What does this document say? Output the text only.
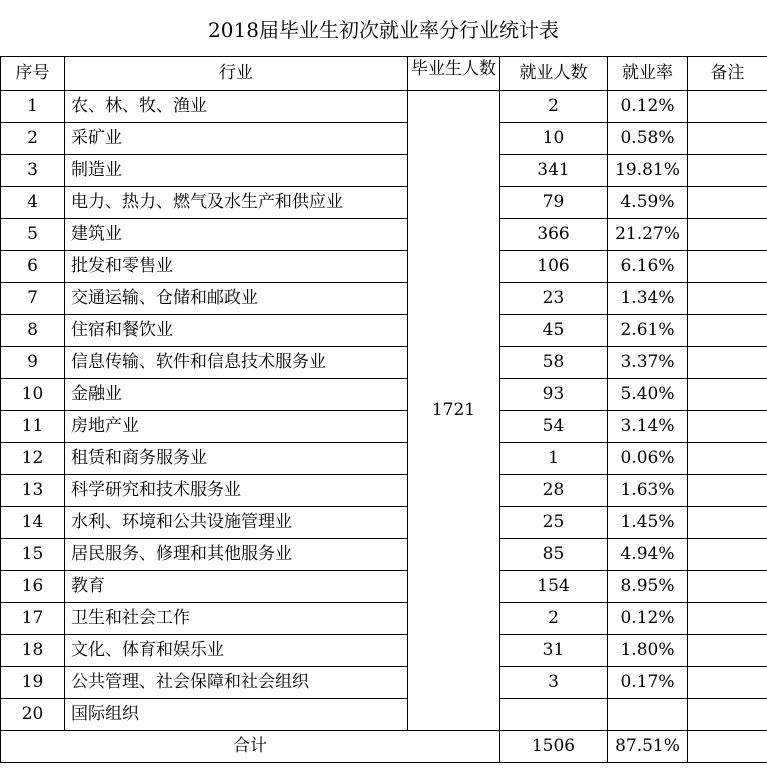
2018届毕业生初次就业率分行业统计表
序号	行业	毕业生人数	就业人数	就业率	备注
1	农、林、牧、渔业	1721	2	0.12%	
2	采矿业		10	0.58%	
3	制造业		341	19.81%	
4	电力、热力、燃气及水生产和供应业		79	4.59%	
5	建筑业		366	21.27%	
6	批发和零售业		106	6.16%	
7	交通运输、仓储和邮政业		23	1.34%	
8	住宿和餐饮业		45	2.61%	
9	信息传输、软件和信息技术服务业		58	3.37%	
10	金融业		93	5.40%	
11	房地产业		54	3.14%	
12	租赁和商务服务业		1	0.06%	
13	科学研究和技术服务业		28	1.63%	
14	水利、环境和公共设施管理业		25	1.45%	
15	居民服务、修理和其他服务业		85	4.94%	
16	教育		154	8.95%	
17	卫生和社会工作		2	0.12%	
18	文化、体育和娱乐业		31	1.80%	
19	公共管理、社会保障和社会组织		3	0.17%	
20	国际组织				
合计			1506	87.51%	
